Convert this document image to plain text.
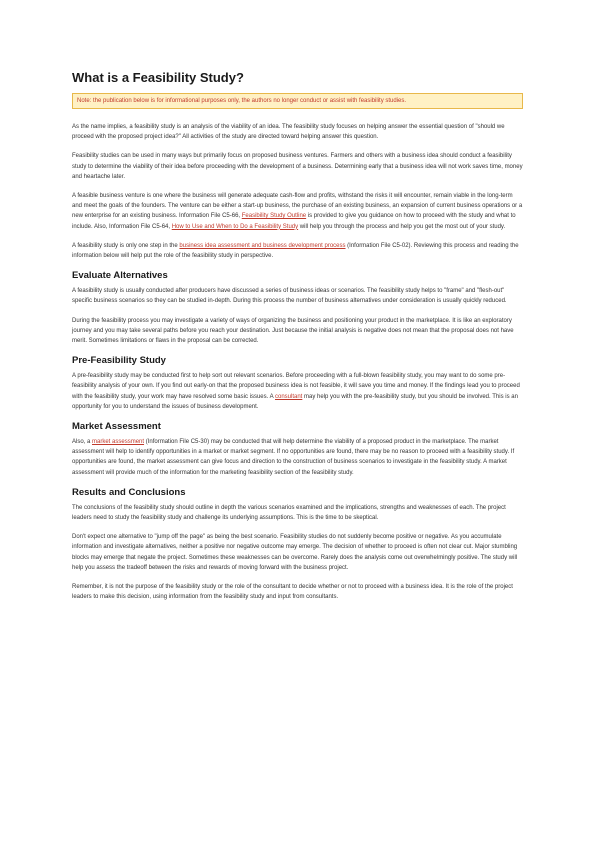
What is a Feasibility Study?
Note: the publication below is for informational purposes only, the authors no longer conduct or assist with feasibility studies.

As the name implies, a feasibility study is an analysis of the viability of an idea. The feasibility study focuses on helping answer the essential question of "should we proceed with the proposed project idea?" All activities of the study are directed toward helping answer this question.

Feasibility studies can be used in many ways but primarily focus on proposed business ventures. Farmers and others with a business idea should conduct a feasibility study to determine the viability of their idea before proceeding with the development of a business. Determining early that a business idea will not work saves time, money and heartache later.

A feasible business venture is one where the business will generate adequate cash-flow and profits, withstand the risks it will encounter, remain viable in the long-term and meet the goals of the founders. The venture can be either a start-up business, the purchase of an existing business, an expansion of current business operations or a new enterprise for an existing business. Information File C5-66, Feasibility Study Outline is provided to give you guidance on how to proceed with the study and what to include. Also, Information File C5-64, How to Use and When to Do a Feasibility Study will help you through the process and help you get the most out of your study.

A feasibility study is only one step in the business idea assessment and business development process (Information File C5-02). Reviewing this process and reading the information below will help put the role of the feasibility study in perspective.

Evaluate Alternatives

A feasibility study is usually conducted after producers have discussed a series of business ideas or scenarios. The feasibility study helps to "frame" and "flesh-out" specific business scenarios so they can be studied in-depth. During this process the number of business alternatives under consideration is usually quickly reduced.

During the feasibility process you may investigate a variety of ways of organizing the business and positioning your product in the marketplace. It is like an exploratory journey and you may take several paths before you reach your destination. Just because the initial analysis is negative does not mean that the proposal does not have merit. Sometimes limitations or flaws in the proposal can be corrected.

Pre-Feasibility Study

A pre-feasibility study may be conducted first to help sort out relevant scenarios. Before proceeding with a full-blown feasibility study, you may want to do some pre-feasibility analysis of your own. If you find out early-on that the proposed business idea is not feasible, it will save you time and money. If the findings lead you to proceed with the feasibility study, your work may have resolved some basic issues. A consultant may help you with the pre-feasibility study, but you should be involved. This is an opportunity for you to understand the issues of business development.

Market Assessment

Also, a market assessment (Information File C5-30) may be conducted that will help determine the viability of a proposed product in the marketplace. The market assessment will help to identify opportunities in a market or market segment. If no opportunities are found, there may be no reason to proceed with a feasibility study. If opportunities are found, the market assessment can give focus and direction to the construction of business scenarios to investigate in the feasibility study. A market assessment will provide much of the information for the marketing feasibility section of the feasibility study.

Results and Conclusions

The conclusions of the feasibility study should outline in depth the various scenarios examined and the implications, strengths and weaknesses of each. The project leaders need to study the feasibility study and challenge its underlying assumptions. This is the time to be skeptical.

Don't expect one alternative to "jump off the page" as being the best scenario. Feasibility studies do not suddenly become positive or negative. As you accumulate information and investigate alternatives, neither a positive nor negative outcome may emerge. The decision of whether to proceed is often not clear cut. Major stumbling blocks may emerge that negate the project. Sometimes these weaknesses can be overcome. Rarely does the analysis come out overwhelmingly positive. The study will help you assess the tradeoff between the risks and rewards of moving forward with the business project.

Remember, it is not the purpose of the feasibility study or the role of the consultant to decide whether or not to proceed with a business idea. It is the role of the project leaders to make this decision, using information from the feasibility study and input from consultants.
